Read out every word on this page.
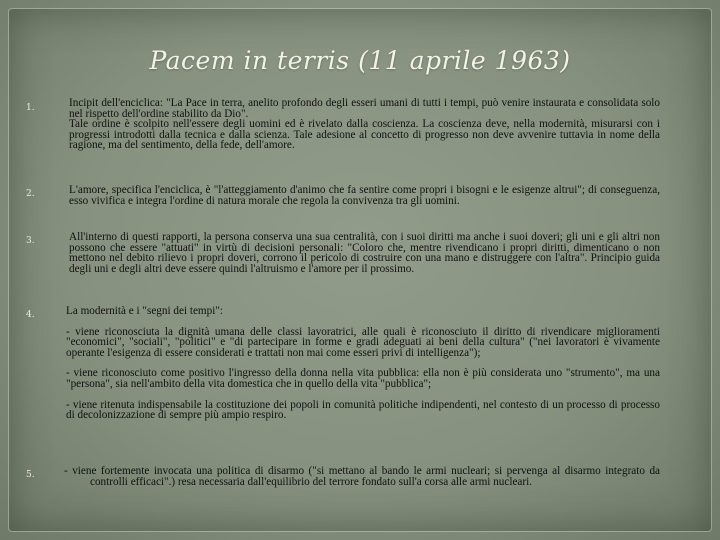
Pacem in terris (11 aprile 1963)
1.	Incipit dell'enciclica: "La Pace in terra, anelito profondo degli esseri umani di tutti i tempi, può venire instaurata e consolidata solo nel rispetto dell'ordine stabilito da Dio".
Tale ordine è scolpito nell'essere degli uomini ed è rivelato dalla coscienza. La coscienza deve, nella modernità, misurarsi con i progressi introdotti dalla tecnica e dalla scienza. Tale adesione al concetto di progresso non deve avvenire tuttavia in nome della ragione, ma del sentimento, della fede, dell'amore.

2.	L'amore, specifica l'enciclica, è "l'atteggiamento d'animo che fa sentire come propri i bisogni e le esigenze altrui"; di conseguenza, esso vivifica e integra l'ordine di natura morale che regola la convivenza tra gli uomini.

3.	All'interno di questi rapporti, la persona conserva una sua centralità, con i suoi diritti ma anche i suoi doveri; gli uni e gli altri non possono che essere "attuati" in virtù di decisioni personali: "Coloro che, mentre rivendicano i propri diritti, dimenticano o non mettono nel debito rilievo i propri doveri, corrono il pericolo di costruire con una mano e distruggere con l'altra". Principio guida degli uni e degli altri deve essere quindi l'altruismo e l'amore per il prossimo.

4.	La modernità e i "segni dei tempi":
- viene riconosciuta la dignità umana delle classi lavoratrici, alle quali è riconosciuto il diritto di rivendicare miglioramenti "economici", "sociali", "politici" e "di partecipare in forme e gradi adeguati ai beni della cultura" ("nei lavoratori è vivamente operante l'esigenza di essere considerati e trattati non mai come esseri privi di intelligenza");
- viene riconosciuto come positivo l'ingresso della donna nella vita pubblica: ella non è più considerata uno "strumento", ma una "persona", sia nell'ambito della vita domestica che in quello della vita "pubblica";
- viene ritenuta indispensabile la costituzione dei popoli in comunità politiche indipendenti, nel contesto di un processo di processo di decolonizzazione di sempre più ampio respiro.

5.	- viene fortemente invocata una politica di disarmo ("si mettano al bando le armi nucleari; si pervenga al disarmo integrato da controlli efficaci".) resa necessaria dall'equilibrio del terrore fondato sull'a corsa alle armi nucleari.
